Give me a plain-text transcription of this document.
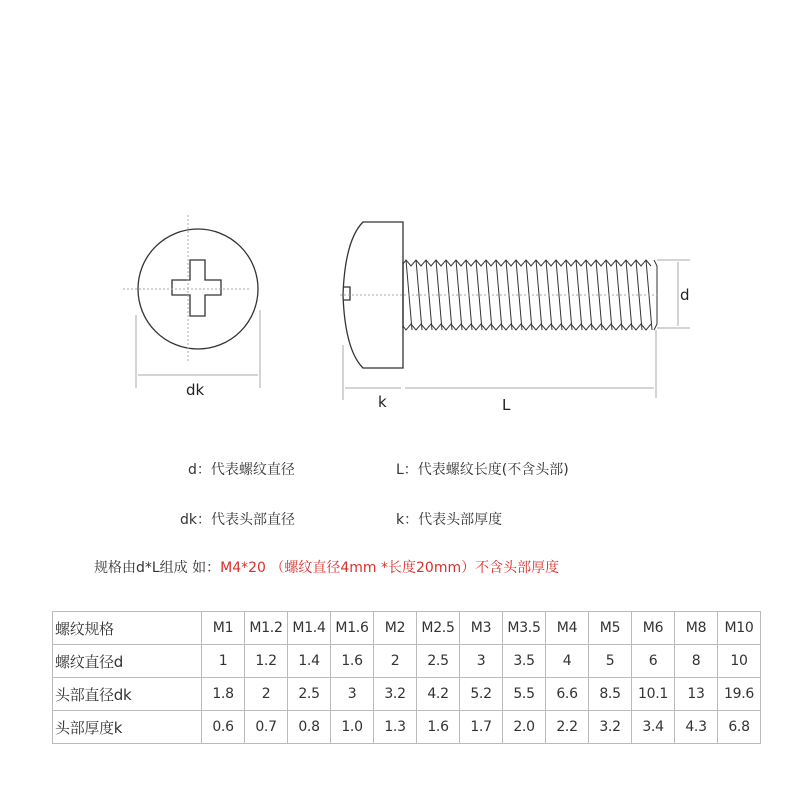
dk
k	L
d
d：代表螺纹直径	L：代表螺纹长度(不含头部)
dk：代表头部直径	k：代表头部厚度
规格由d*L组成 如：M4*20 （螺纹直径4mm *长度20mm）不含头部厚度
螺纹规格	M1	M1.2	M1.4	M1.6	M2	M2.5	M3	M3.5	M4	M5	M6	M8	M10
螺纹直径d	1	1.2	1.4	1.6	2	2.5	3	3.5	4	5	6	8	10
头部直径dk	1.8	2	2.5	3	3.2	4.2	5.2	5.5	6.6	8.5	10.1	13	19.6
头部厚度k	0.6	0.7	0.8	1.0	1.3	1.6	1.7	2.0	2.2	3.2	3.4	4.3	6.8
